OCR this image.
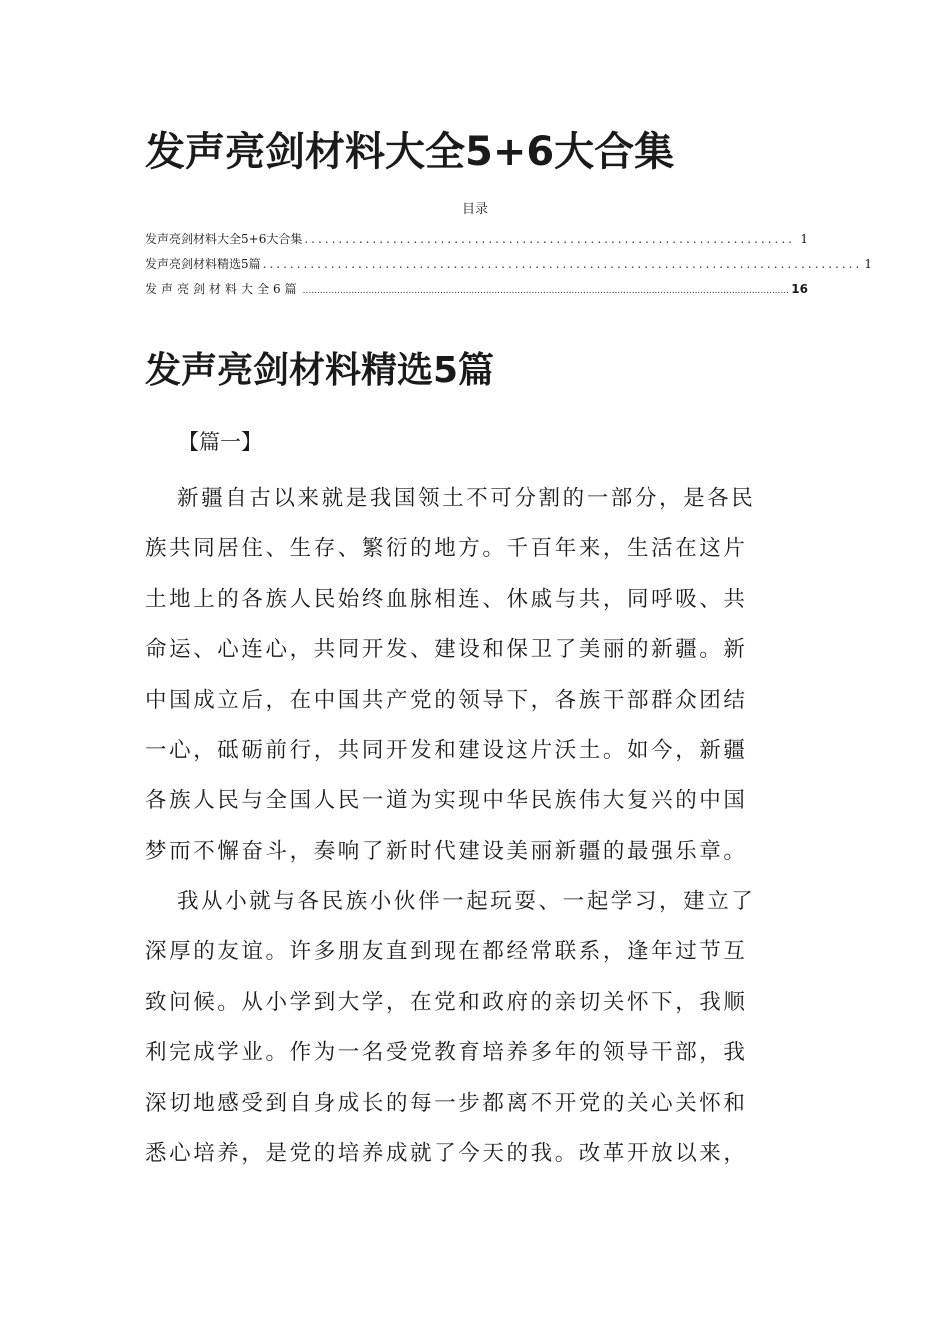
发声亮剑材料大全5+6大合集
目录
发声亮剑材料大全5+6大合集 ........................................................................ 1
发声亮剑材料精选5篇 ........................................................................................ 1
发声亮剑材料大全6篇 .......................................................................................................................................................................... 16
发声亮剑材料精选5篇
【篇一】

新疆自古以来就是我国领土不可分割的一部分，是各民
族共同居住、生存、繁衍的地方。千百年来，生活在这片
土地上的各族人民始终血脉相连、休戚与共，同呼吸、共
命运、心连心，共同开发、建设和保卫了美丽的新疆。新
中国成立后，在中国共产党的领导下，各族干部群众团结
一心，砥砺前行，共同开发和建设这片沃土。如今，新疆
各族人民与全国人民一道为实现中华民族伟大复兴的中国
梦而不懈奋斗，奏响了新时代建设美丽新疆的最强乐章。

我从小就与各民族小伙伴一起玩耍、一起学习，建立了
深厚的友谊。许多朋友直到现在都经常联系，逢年过节互
致问候。从小学到大学，在党和政府的亲切关怀下，我顺
利完成学业。作为一名受党教育培养多年的领导干部，我
深切地感受到自身成长的每一步都离不开党的关心关怀和
悉心培养，是党的培养成就了今天的我。改革开放以来，
